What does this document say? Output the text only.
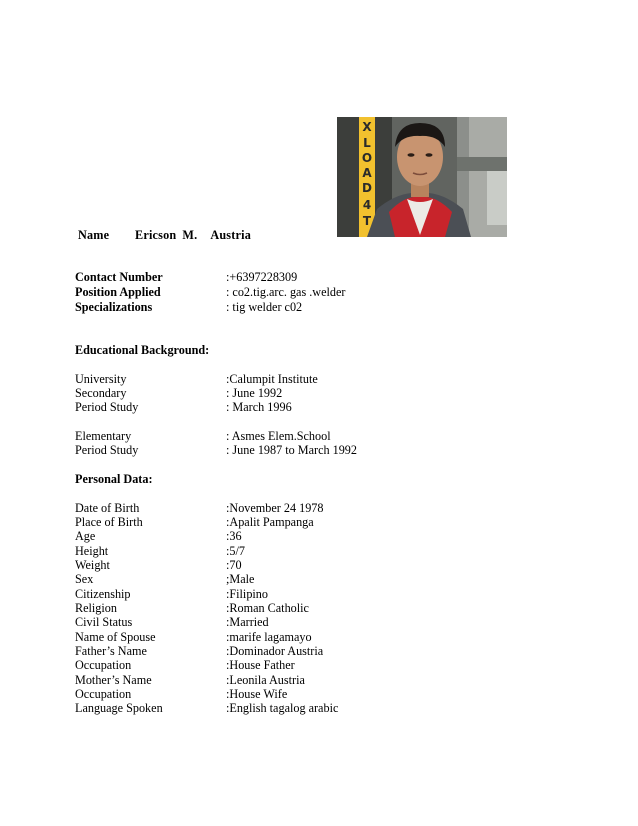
X
L
O
A
D
4
T
Name Ericson M. Austria
Contact Number	:+6397228309
Position Applied	: co2.tig.arc. gas .welder
Specializations	: tig welder c02
Educational Background:
University	:Calumpit Institute
Secondary	: June 1992
Period Study	: March 1996
Elementary	: Asmes Elem.School
Period Study	: June 1987 to March 1992
Personal Data:
Date of Birth	:November 24 1978
Place of Birth	:Apalit Pampanga
Age	:36
Height	:5/7
Weight	:70
Sex	;Male
Citizenship	:Filipino
Religion	:Roman Catholic
Civil Status	:Married
Name of Spouse	:marife lagamayo
Father’s Name	:Dominador Austria
Occupation	:House Father
Mother’s Name	:Leonila Austria
Occupation	:House Wife
Language Spoken	:English tagalog arabic
